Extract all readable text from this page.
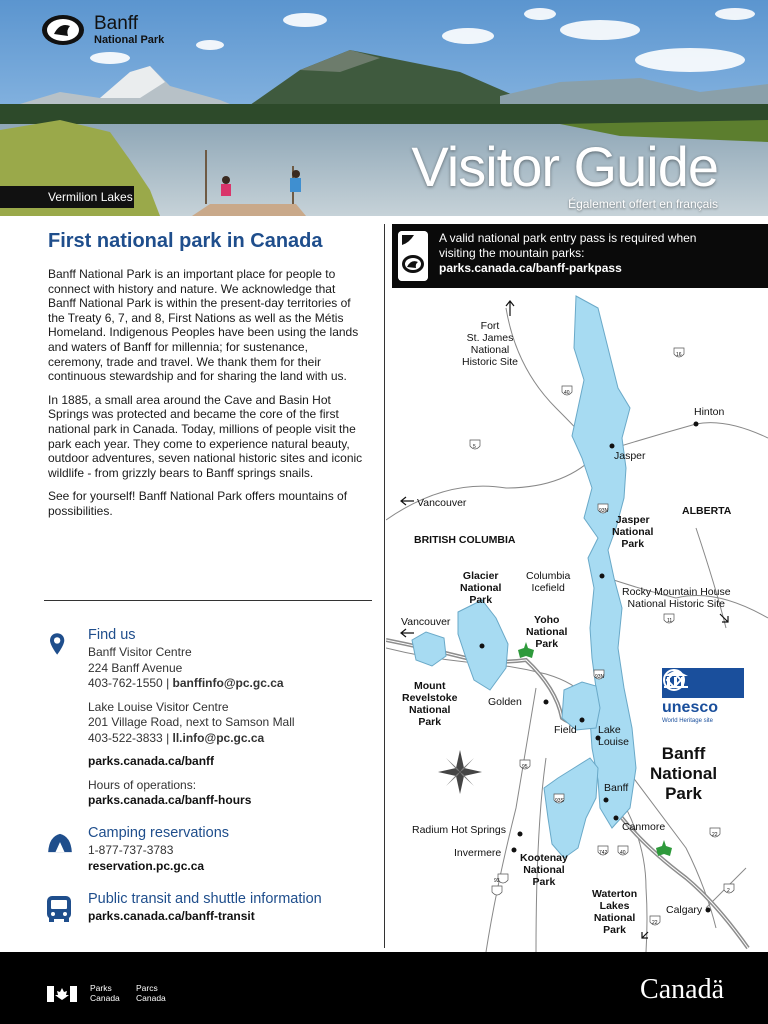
Banff
National Park
Visitor Guide
Également offert en français
Vermilion Lakes
First national park in Canada

Banff National Park is an important place for people to connect with history and nature. We acknowledge that Banff National Park is within the present-day territories of the Treaty 6, 7, and 8, First Nations as well as the Métis Homeland. Indigenous Peoples have been using the lands and waters of Banff for millennia; for sustenance, ceremony, trade and travel. We thank them for their continuous stewardship and for sharing the land with us.

In 1885, a small area around the Cave and Basin Hot Springs was protected and became the core of the first national park in Canada. Today, millions of people visit the park each year. They come to experience natural beauty, outdoor adventures, seven national historic sites and iconic wildlife - from grizzly bears to Banff springs snails.

See for yourself! Banff National Park offers mountains of possibilities.

Find us
Banff Visitor Centre
224 Banff Avenue
403-762-1550 | banffinfo@pc.gc.ca
Lake Louise Visitor Centre
201 Village Road, next to Samson Mall
403-522-3833 | ll.info@pc.gc.ca
parks.canada.ca/banff
Hours of operations:
parks.canada.ca/banff-hours
Camping reservations
1-877-737-3783
reservation.pc.gc.ca
Public transit and shuttle information
parks.canada.ca/banff-transit
A valid national park entry pass is required when
visiting the mountain parks:
parks.canada.ca/banff-parkpass
16
40
5
93N
11
93N
95
93S
742	40
22
93
2
22
Fort
St. James
National
Historic Site
Hinton
Jasper
Vancouver
ALBERTA
BRITISH COLUMBIA
Jasper
National
Park
Glacier
National
Park
Columbia
Icefield	Rocky Mountain House
National Historic Site
Vancouver	Yoho
National
Park
Mount
Revelstoke
National
Park
Golden
Field Lake
Louise
Banff
National
Park
Banff
Radium Hot Springs	Canmore
Invermere Kootenay
National
Park
Waterton
Lakes
National
Park
Calgary
unesco
World Heritage site
Parks
Canada
Parcs
Canada	Canadä
